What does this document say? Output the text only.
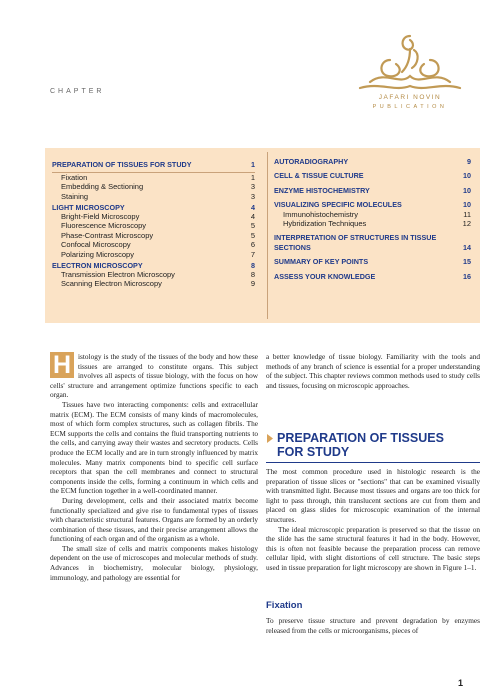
CHAPTER
JAFARI NOVIN
PUBLICATION
PREPARATION OF TISSUES FOR STUDY	1
Fixation	1
Embedding & Sectioning	3
Staining	3
LIGHT MICROSCOPY	4
Bright-Field Microscopy	4
Fluorescence Microscopy	5
Phase-Contrast Microscopy	5
Confocal Microscopy	6
Polarizing Microscopy	7
ELECTRON MICROSCOPY	8
Transmission Electron Microscopy	8
Scanning Electron Microscopy	9
AUTORADIOGRAPHY	9
CELL & TISSUE CULTURE	10
ENZYME HISTOCHEMISTRY	10
VISUALIZING SPECIFIC MOLECULES	10
Immunohistochemistry	11
Hybridization Techniques	12
INTERPRETATION OF STRUCTURES IN TISSUE SECTIONS	14
SUMMARY OF KEY POINTS	15
ASSESS YOUR KNOWLEDGE	16
H istology is the study of the tissues of the body and how these tissues are arranged to constitute organs. This subject involves all aspects of tissue biology, with the focus on how cells' structure and arrangement optimize functions specific to each organ.

Tissues have two interacting components: cells and extracellular matrix (ECM). The ECM consists of many kinds of macromolecules, most of which form complex structures, such as collagen fibrils. The ECM supports the cells and contains the fluid transporting nutrients to the cells, and carrying away their wastes and secretory products. Cells produce the ECM locally and are in turn strongly influenced by matrix molecules. Many matrix components bind to specific cell surface receptors that span the cell membranes and connect to structural components inside the cells, forming a continuum in which cells and the ECM function together in a well-coordinated manner.

During development, cells and their associated matrix become functionally specialized and give rise to fundamental types of tissues with characteristic structural features. Organs are formed by an orderly combination of these tissues, and their precise arrangement allows the functioning of each organ and of the organism as a whole.

The small size of cells and matrix components makes histology dependent on the use of microscopes and molecular methods of study. Advances in biochemistry, molecular biology, physiology, immunology, and pathology are essential for

a better knowledge of tissue biology. Familiarity with the tools and methods of any branch of science is essential for a proper understanding of the subject. This chapter reviews common methods used to study cells and tissues, focusing on microscopic approaches.

PREPARATION OF TISSUES
FOR STUDY

The most common procedure used in histologic research is the preparation of tissue slices or "sections" that can be examined visually with transmitted light. Because most tissues and organs are too thick for light to pass through, thin translucent sections are cut from them and placed on glass slides for microscopic examination of the internal structures.

The ideal microscopic preparation is preserved so that the tissue on the slide has the same structural features it had in the body. However, this is often not feasible because the preparation process can remove cellular lipid, with slight distortions of cell structure. The basic steps used in tissue preparation for light microscopy are shown in Figure 1–1.

Fixation

To preserve tissue structure and prevent degradation by enzymes released from the cells or microorganisms, pieces of

1
